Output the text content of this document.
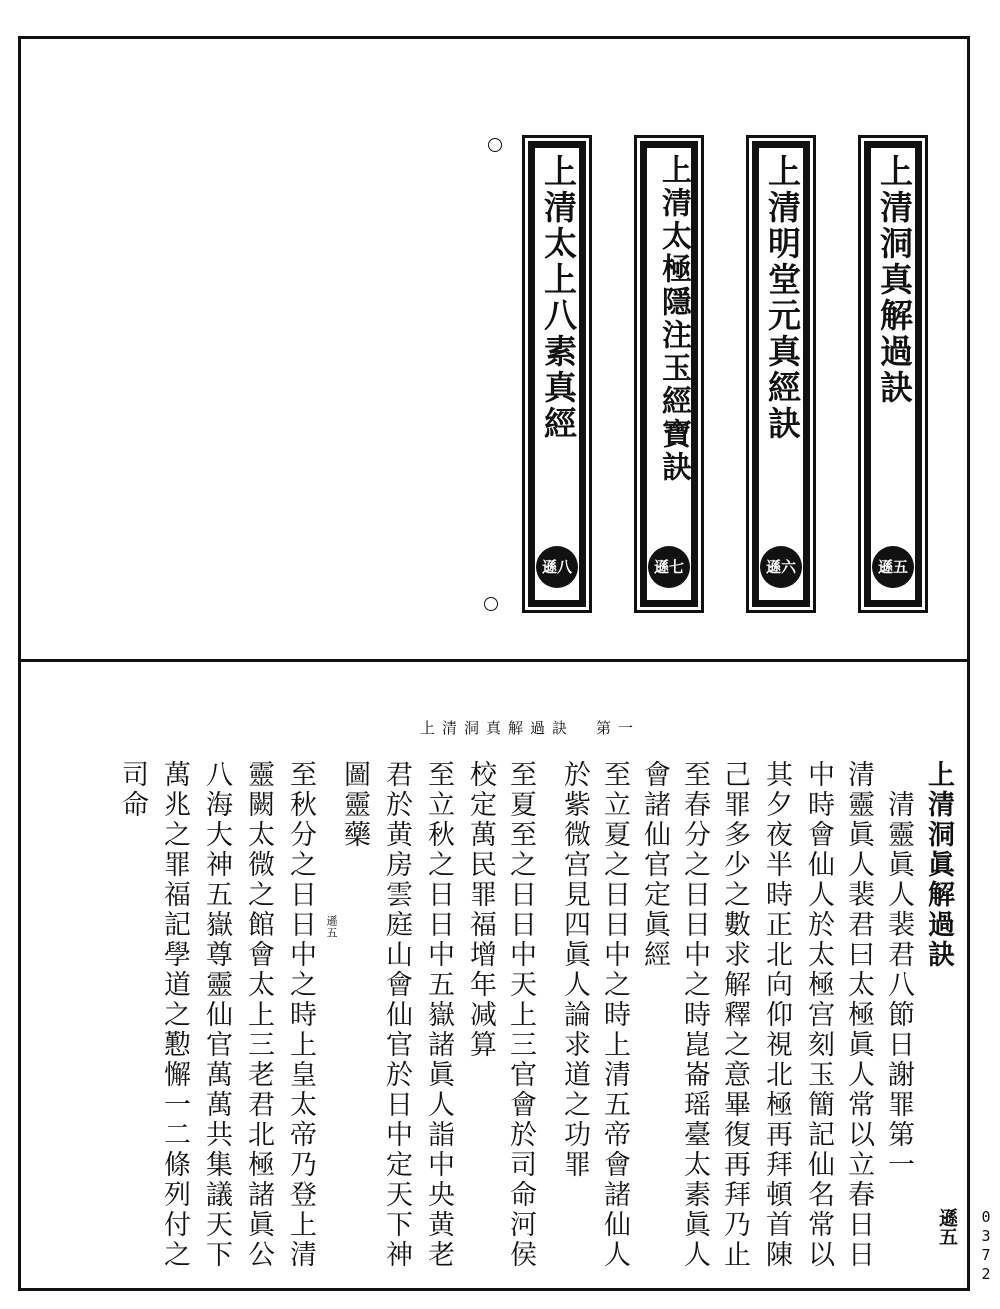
上清洞真解過訣
遜五
上清明堂元真經訣
遜六
上清太極隱注玉經寶訣
遜七
上清太上八素真經
遜八
上清洞真解過訣　第一
上清洞眞解過訣
　清靈眞人裴君八節日謝罪第一
清靈眞人裴君曰太極眞人常以立春日日
中時會仙人於太極宫刻玉簡記仙名常以
其夕夜半時正北向仰視北極再拜頓首陳
己罪多少之數求解釋之意畢復再拜乃止
至春分之日日中之時崑崙瑶臺太素眞人
會諸仙官定眞經
至立夏之日日中之時上清五帝會諸仙人
於紫微宫見四眞人論求道之功罪
至夏至之日日中天上三官會於司命河侯
校定萬民罪福增年减算
至立秋之日日中五嶽諸眞人詣中央黄老
君於黄房雲庭山會仙官於日中定天下神
圖靈藥
至秋分之日日中之時上皇太帝乃登上清
靈闕太微之館會太上三老君北極諸眞公
八海大神五嶽尊靈仙官萬萬共集議天下
萬兆之罪福記學道之懃懈一二條列付之
司命
遜五
遜五 0372
